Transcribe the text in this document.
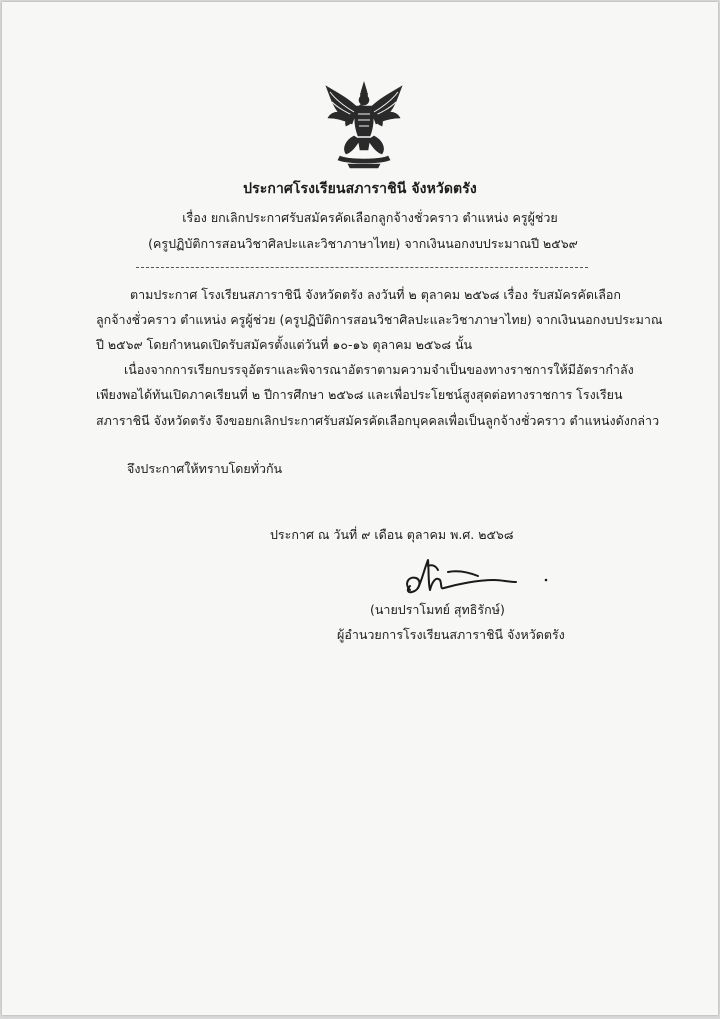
ประกาศโรงเรียนสภาราชินี จังหวัดตรัง
เรื่อง ยกเลิกประกาศรับสมัครคัดเลือกลูกจ้างชั่วคราว ตำแหน่ง ครูผู้ช่วย
(ครูปฏิบัติการสอนวิชาศิลปะและวิชาภาษาไทย) จากเงินนอกงบประมาณปี ๒๕๖๙
ตามประกาศ โรงเรียนสภาราชินี จังหวัดตรัง ลงวันที่ ๒ ตุลาคม ๒๕๖๘ เรื่อง รับสมัครคัดเลือก
ลูกจ้างชั่วคราว ตำแหน่ง ครูผู้ช่วย (ครูปฏิบัติการสอนวิชาศิลปะและวิชาภาษาไทย) จากเงินนอกงบประมาณ
ปี ๒๕๖๙ โดยกำหนดเปิดรับสมัครตั้งแต่วันที่ ๑๐-๑๖ ตุลาคม ๒๕๖๘ นั้น
เนื่องจากการเรียกบรรจุอัตราและพิจารณาอัตราตามความจำเป็นของทางราชการให้มีอัตรากำลัง
เพียงพอได้ทันเปิดภาคเรียนที่ ๒ ปีการศึกษา ๒๕๖๘ และเพื่อประโยชน์สูงสุดต่อทางราชการ โรงเรียน
สภาราชินี จังหวัดตรัง จึงขอยกเลิกประกาศรับสมัครคัดเลือกบุคคลเพื่อเป็นลูกจ้างชั่วคราว ตำแหน่งดังกล่าว
จึงประกาศให้ทราบโดยทั่วกัน
ประกาศ ณ วันที่ ๙ เดือน ตุลาคม พ.ศ. ๒๕๖๘
(นายปราโมทย์ สุทธิรักษ์)
ผู้อำนวยการโรงเรียนสภาราชินี จังหวัดตรัง
